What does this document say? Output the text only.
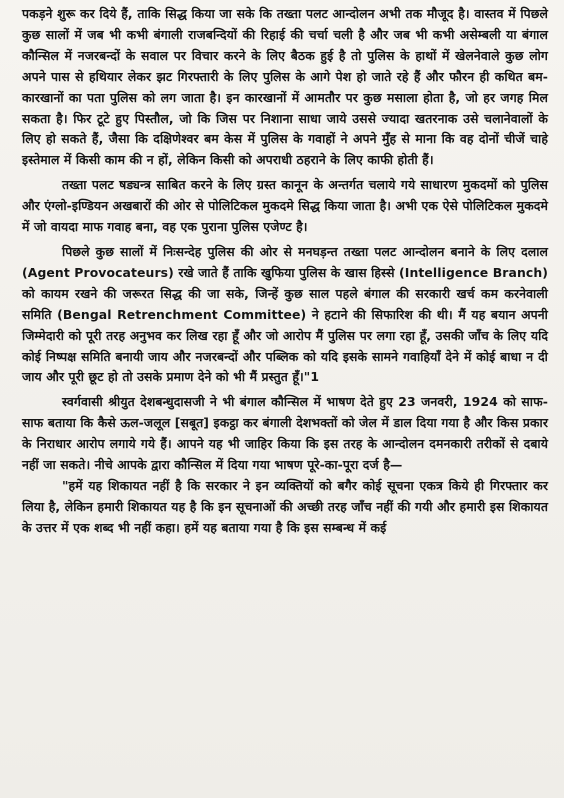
पकड़ने शुरू कर दिये हैं, ताकि सिद्ध किया जा सके कि तख्ता पलट आन्दोलन अभी तक मौजूद है। वास्तव में पिछले कुछ सालों में जब भी कभी बंगाली राजबन्दियों की रिहाई की चर्चा चली है और जब भी कभी असेम्बली या बंगाल कौन्सिल में नजरबन्दों के सवाल पर विचार करने के लिए बैठक हुई है तो पुलिस के हाथों में खेलनेवाले कुछ लोग अपने पास से हथियार लेकर झट गिरफ्तारी के लिए पुलिस के आगे पेश हो जाते रहे हैं और फौरन ही कथित बम-कारखानों का पता पुलिस को लग जाता है। इन कारखानों में आमतौर पर कुछ मसाला होता है, जो हर जगह मिल सकता है। फिर टूटे हुए पिस्तौल, जो कि जिस पर निशाना साधा जाये उससे ज्यादा खतरनाक उसे चलानेवालों के लिए हो सकते हैं, जैसा कि दक्षिणेश्वर बम केस में पुलिस के गवाहों ने अपने मुँह से माना कि वह दोनों चीजें चाहे इस्तेमाल में किसी काम की न हों, लेकिन किसी को अपराधी ठहराने के लिए काफी होती हैं।

तख्ता पलट षड्यन्त्र साबित करने के लिए ग्रस्त कानून के अन्तर्गत चलाये गये साधारण मुकदमों को पुलिस और एंग्लो-इण्डियन अखबारों की ओर से पोलिटिकल मुकदमे सिद्ध किया जाता है। अभी एक ऐसे पोलिटिकल मुकदमे में जो वायदा माफ गवाह बना, वह एक पुराना पुलिस एजेण्ट है।

पिछले कुछ सालों में निःसन्देह पुलिस की ओर से मनघड़न्त तख्ता पलट आन्दोलन बनाने के लिए दलाल (Agent Provocateurs) रखे जाते हैं ताकि खुफिया पुलिस के खास हिस्से (Intelligence Branch) को कायम रखने की जरूरत सिद्ध की जा सके, जिन्हें कुछ साल पहले बंगाल की सरकारी खर्च कम करनेवाली समिति (Bengal Retrenchment Committee) ने हटाने की सिफारिश की थी। मैं यह बयान अपनी जिम्मेदारी को पूरी तरह अनुभव कर लिख रहा हूँ और जो आरोप मैं पुलिस पर लगा रहा हूँ, उसकी जाँच के लिए यदि कोई निष्पक्ष समिति बनायी जाय और नजरबन्दों और पब्लिक को यदि इसके सामने गवाहियाँ देने में कोई बाधा न दी जाय और पूरी छूट हो तो उसके प्रमाण देने को भी मैं प्रस्तुत हूँ।"1

स्वर्गवासी श्रीयुत देशबन्धुदासजी ने भी बंगाल कौन्सिल में भाषण देते हुए 23 जनवरी, 1924 को साफ-साफ बताया कि कैसे ऊल-जलूल [सबूत] इकट्ठा कर बंगाली देशभक्तों को जेल में डाल दिया गया है और किस प्रकार के निराधार आरोप लगाये गये हैं। आपने यह भी जाहिर किया कि इस तरह के आन्दोलन दमनकारी तरीकों से दबाये नहीं जा सकते। नीचे आपके द्वारा कौन्सिल में दिया गया भाषण पूरे-का-पूरा दर्ज है—

"हमें यह शिकायत नहीं है कि सरकार ने इन व्यक्तियों को बगैर कोई सूचना एकत्र किये ही गिरफ्तार कर लिया है, लेकिन हमारी शिकायत यह है कि इन सूचनाओं की अच्छी तरह जाँच नहीं की गयी और हमारी इस शिकायत के उत्तर में एक शब्द भी नहीं कहा। हमें यह बताया गया है कि इस सम्बन्ध में कई
